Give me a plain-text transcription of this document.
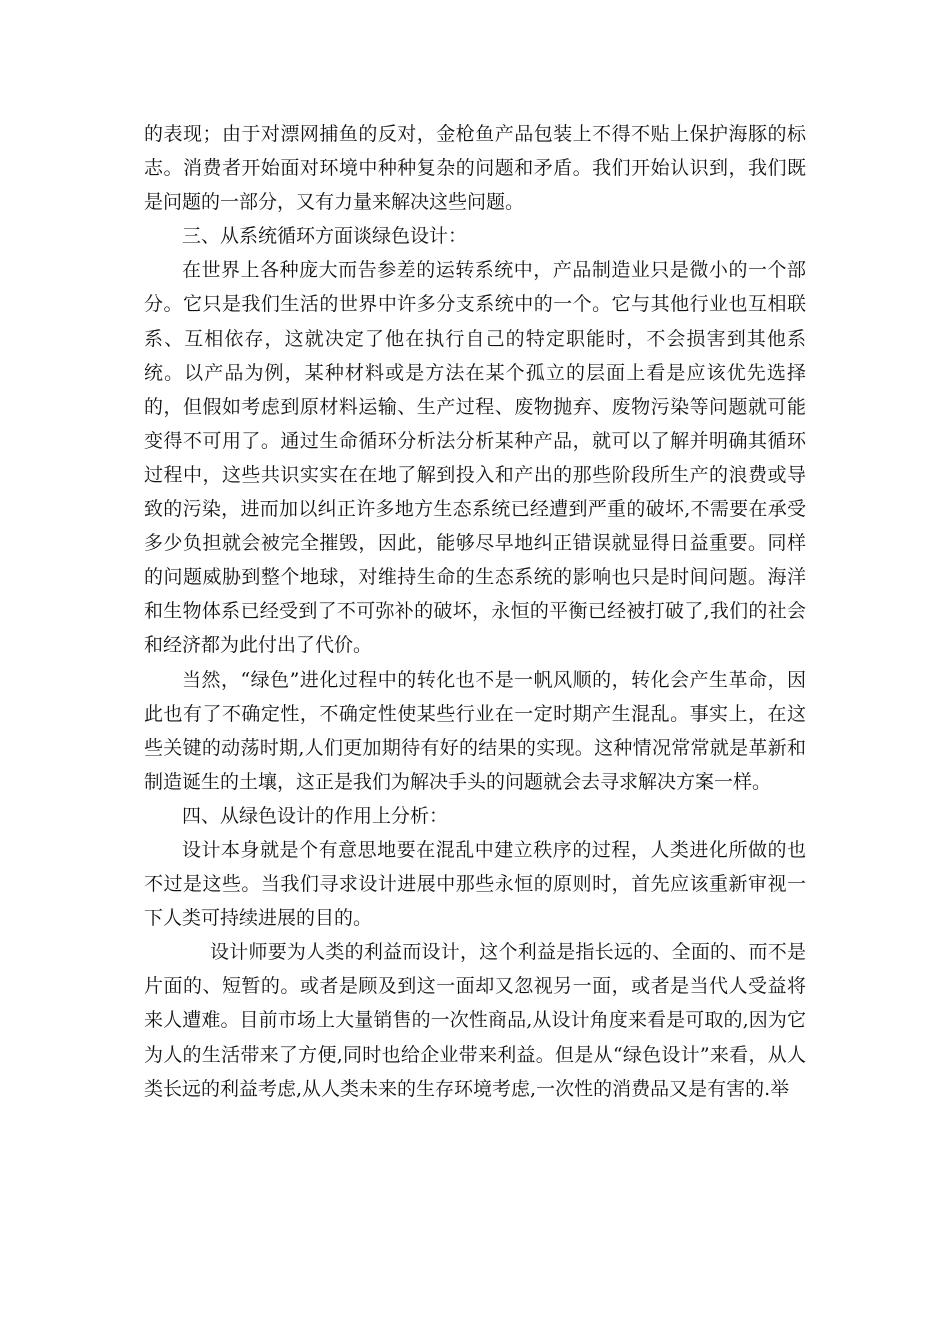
的表现；由于对漂网捕鱼的反对，金枪鱼产品包装上不得不贴上保护海豚的标志。消费者开始面对环境中种种复杂的问题和矛盾。我们开始认识到，我们既是问题的一部分，又有力量来解决这些问题。

三、从系统循环方面谈绿色设计：

在世界上各种庞大而告参差的运转系统中，产品制造业只是微小的一个部分。它只是我们生活的世界中许多分支系统中的一个。它与其他行业也互相联系、互相依存，这就决定了他在执行自己的特定职能时，不会损害到其他系统。以产品为例，某种材料或是方法在某个孤立的层面上看是应该优先选择的，但假如考虑到原材料运输、生产过程、废物抛弃、废物污染等问题就可能变得不可用了。通过生命循环分析法分析某种产品，就可以了解并明确其循环过程中，这些共识实实在在地了解到投入和产出的那些阶段所生产的浪费或导致的污染，进而加以纠正许多地方生态系统已经遭到严重的破坏,不需要在承受多少负担就会被完全摧毁，因此，能够尽早地纠正错误就显得日益重要。同样的问题威胁到整个地球，对维持生命的生态系统的影响也只是时间问题。海洋和生物体系已经受到了不可弥补的破坏，永恒的平衡已经被打破了,我们的社会和经济都为此付出了代价。

当然，“绿色”进化过程中的转化也不是一帆风顺的，转化会产生革命，因此也有了不确定性，不确定性使某些行业在一定时期产生混乱。事实上，在这些关键的动荡时期,人们更加期待有好的结果的实现。这种情况常常就是革新和制造诞生的土壤，这正是我们为解决手头的问题就会去寻求解决方案一样。

四、从绿色设计的作用上分析：

设计本身就是个有意思地要在混乱中建立秩序的过程，人类进化所做的也不过是这些。当我们寻求设计进展中那些永恒的原则时，首先应该重新审视一下人类可持续进展的目的。

设计师要为人类的利益而设计，这个利益是指长远的、全面的、而不是片面的、短暂的。或者是顾及到这一面却又忽视另一面，或者是当代人受益将来人遭难。目前市场上大量销售的一次性商品,从设计角度来看是可取的,因为它为人的生活带来了方便,同时也给企业带来利益。但是从“绿色设计”来看，从人类长远的利益考虑,从人类未来的生存环境考虑,一次性的消费品又是有害的.举
